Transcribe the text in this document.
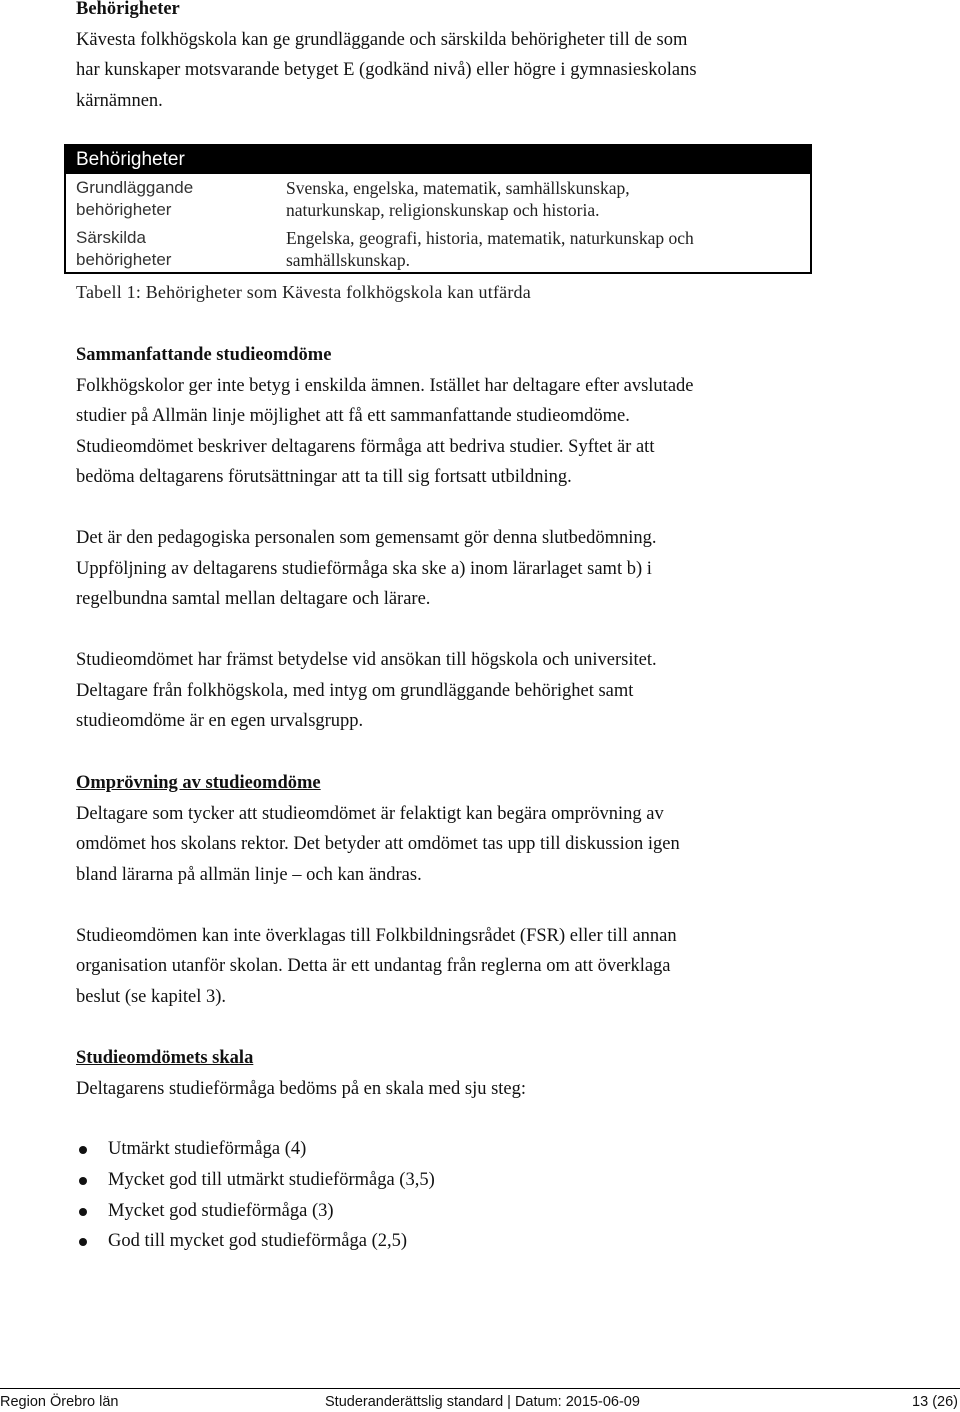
Behörigheter

Kävesta folkhögskola kan ge grundläggande och särskilda behörigheter till de som

har kunskaper motsvarande betyget E (godkänd nivå) eller högre i gymnasieskolans

kärnämnen.

Behörigheter
Grundläggande
behörigheter
Svenska, engelska, matematik, samhällskunskap,
naturkunskap, religionskunskap och historia.
Särskilda
behörigheter
Engelska, geografi, historia, matematik, naturkunskap och
samhällskunskap.
Tabell 1: Behörigheter som Kävesta folkhögskola kan utfärda
Sammanfattande studieomdöme

Folkhögskolor ger inte betyg i enskilda ämnen. Istället har deltagare efter avslutade

studier på Allmän linje möjlighet att få ett sammanfattande studieomdöme.

Studieomdömet beskriver deltagarens förmåga att bedriva studier. Syftet är att

bedöma deltagarens förutsättningar att ta till sig fortsatt utbildning.

Det är den pedagogiska personalen som gemensamt gör denna slutbedömning.

Uppföljning av deltagarens studieförmåga ska ske a) inom lärarlaget samt b) i

regelbundna samtal mellan deltagare och lärare.

Studieomdömet har främst betydelse vid ansökan till högskola och universitet.

Deltagare från folkhögskola, med intyg om grundläggande behörighet samt

studieomdöme är en egen urvalsgrupp.

Omprövning av studieomdöme

Deltagare som tycker att studieomdömet är felaktigt kan begära omprövning av

omdömet hos skolans rektor. Det betyder att omdömet tas upp till diskussion igen

bland lärarna på allmän linje – och kan ändras.

Studieomdömen kan inte överklagas till Folkbildningsrådet (FSR) eller till annan

organisation utanför skolan. Detta är ett undantag från reglerna om att överklaga

beslut (se kapitel 3).

Studieomdömets skala

Deltagarens studieförmåga bedöms på en skala med sju steg:

Utmärkt studieförmåga (4)
Mycket god till utmärkt studieförmåga (3,5)
Mycket god studieförmåga (3)
God till mycket god studieförmåga (2,5)
Region Örebro län	Studeranderättslig standard | Datum: 2015-06-09	13 (26)
